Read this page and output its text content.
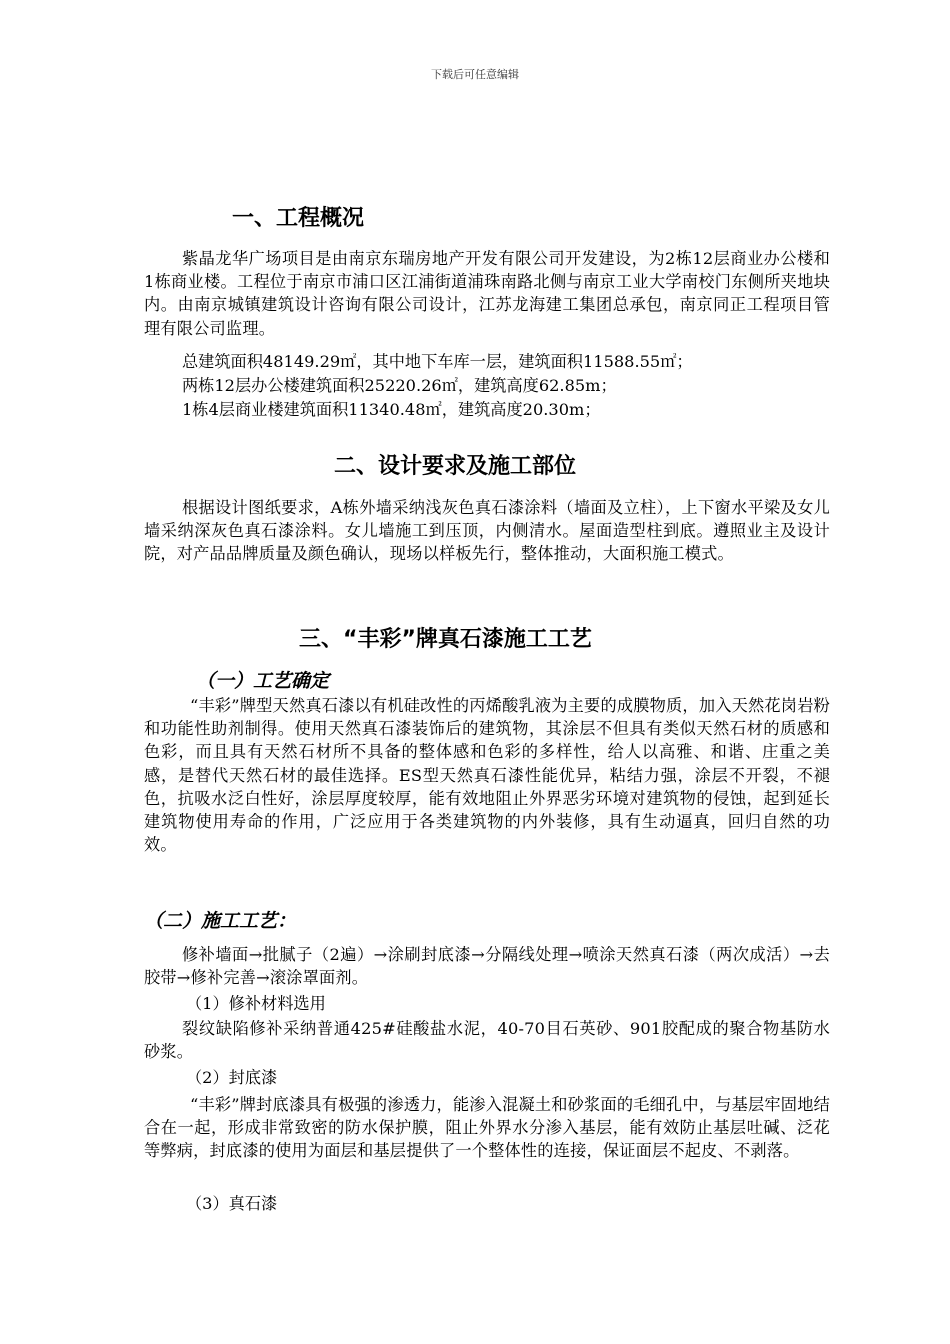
下载后可任意编辑
一、工程概况

紫晶龙华广场项目是由南京东瑞房地产开发有限公司开发建设，为2栋12层商业办公楼和1栋商业楼。工程位于南京市浦口区江浦街道浦珠南路北侧与南京工业大学南校门东侧所夹地块内。由南京城镇建筑设计咨询有限公司设计，江苏龙海建工集团总承包，南京同正工程项目管理有限公司监理。

总建筑面积48149.29㎡，其中地下车库一层，建筑面积11588.55㎡；

两栋12层办公楼建筑面积25220.26㎡，建筑高度62.85m；

1栋4层商业楼建筑面积11340.48㎡，建筑高度20.30m；

二、设计要求及施工部位

根据设计图纸要求，A栋外墙采纳浅灰色真石漆涂料（墙面及立柱），上下窗水平梁及女儿墙采纳深灰色真石漆涂料。女儿墙施工到压顶，内侧清水。屋面造型柱到底。遵照业主及设计院，对产品品牌质量及颜色确认，现场以样板先行，整体推动，大面积施工模式。

三、“丰彩”牌真石漆施工工艺
（一）工艺确定

“丰彩”牌型天然真石漆以有机硅改性的丙烯酸乳液为主要的成膜物质，加入天然花岗岩粉和功能性助剂制得。使用天然真石漆装饰后的建筑物，其涂层不但具有类似天然石材的质感和色彩，而且具有天然石材所不具备的整体感和色彩的多样性，给人以高雅、和谐、庄重之美感，是替代天然石材的最佳选择。ES型天然真石漆性能优异，粘结力强，涂层不开裂，不褪色，抗吸水泛白性好，涂层厚度较厚，能有效地阻止外界恶劣环境对建筑物的侵蚀，起到延长建筑物使用寿命的作用，广泛应用于各类建筑物的内外装修，具有生动逼真，回归自然的功效。

（二）施工工艺：

修补墙面→批腻子（2遍）→涂刷封底漆→分隔线处理→喷涂天然真石漆（两次成活）→去胶带→修补完善→滚涂罩面剂。

（1）修补材料选用

裂纹缺陷修补采纳普通425#硅酸盐水泥，40-70目石英砂、901胶配成的聚合物基防水砂浆。

（2）封底漆

“丰彩”牌封底漆具有极强的渗透力，能渗入混凝土和砂浆面的毛细孔中，与基层牢固地结合在一起，形成非常致密的防水保护膜，阻止外界水分渗入基层，能有效防止基层吐碱、泛花等弊病，封底漆的使用为面层和基层提供了一个整体性的连接，保证面层不起皮、不剥落。

（3）真石漆
